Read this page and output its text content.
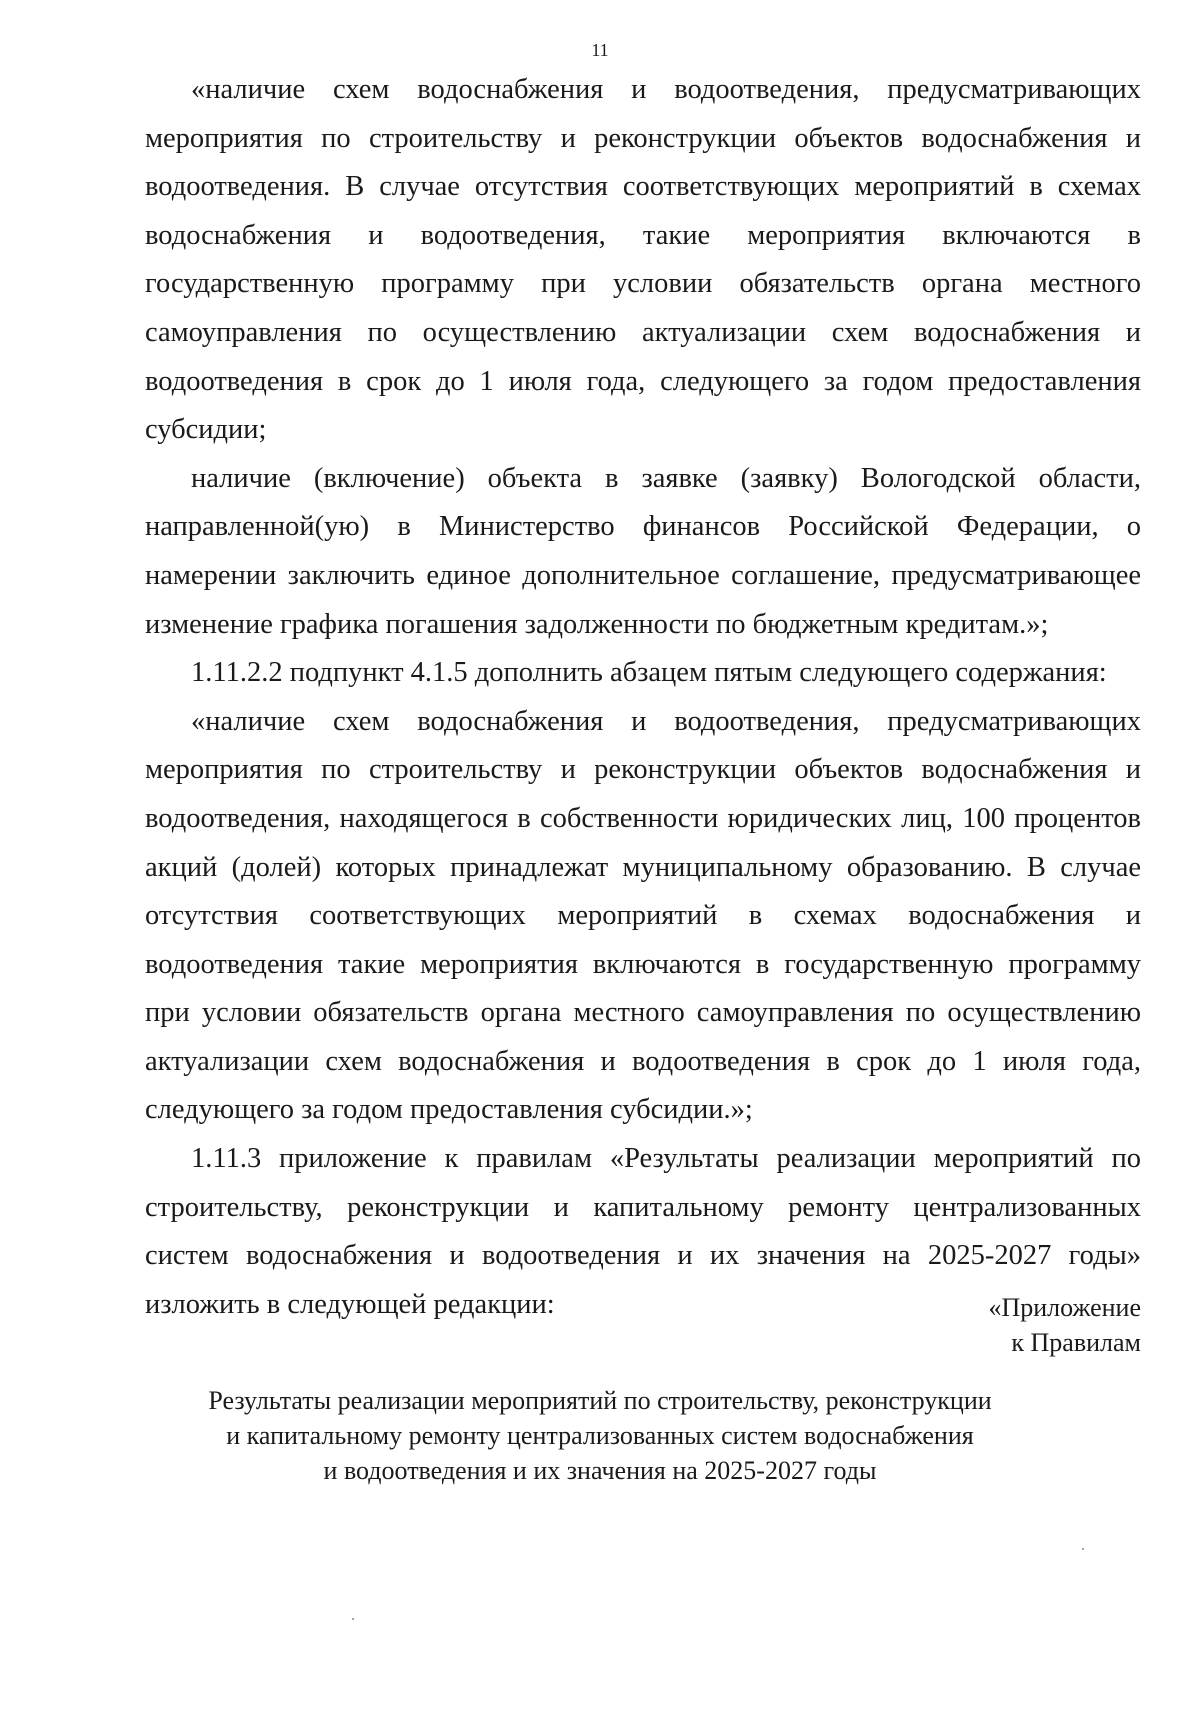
11

«наличие схем водоснабжения и водоотведения, предусматривающих мероприятия по строительству и реконструкции объектов водоснабжения и водоотведения. В случае отсутствия соответствующих мероприятий в схемах водоснабжения и водоотведения, такие мероприятия включаются в государственную программу при условии обязательств органа местного самоуправления по осуществлению актуализации схем водоснабжения и водоотведения в срок до 1 июля года, следующего за годом предоставления субсидии;

наличие (включение) объекта в заявке (заявку) Вологодской области, направленной(ую) в Министерство финансов Российской Федерации, о намерении заключить единое дополнительное соглашение, предусматривающее изменение графика погашения задолженности по бюджетным кредитам.»;

1.11.2.2 подпункт 4.1.5 дополнить абзацем пятым следующего содержания:

«наличие схем водоснабжения и водоотведения, предусматривающих мероприятия по строительству и реконструкции объектов водоснабжения и водоотведения, находящегося в собственности юридических лиц, 100 процентов акций (долей) которых принадлежат муниципальному образованию. В случае отсутствия соответствующих мероприятий в схемах водоснабжения и водоотведения такие мероприятия включаются в государственную программу при условии обязательств органа местного самоуправления по осуществлению актуализации схем водоснабжения и водоотведения в срок до 1 июля года, следующего за годом предоставления субсидии.»;

1.11.3 приложение к правилам «Результаты реализации мероприятий по строительству, реконструкции и капитальному ремонту централизованных систем водоснабжения и водоотведения и их значения на 2025-2027 годы» изложить в следующей редакции:	«Приложение
к Правилам
Результаты реализации мероприятий по строительству, реконструкции
и капитальному ремонту централизованных систем водоснабжения
и водоотведения и их значения на 2025-2027 годы
